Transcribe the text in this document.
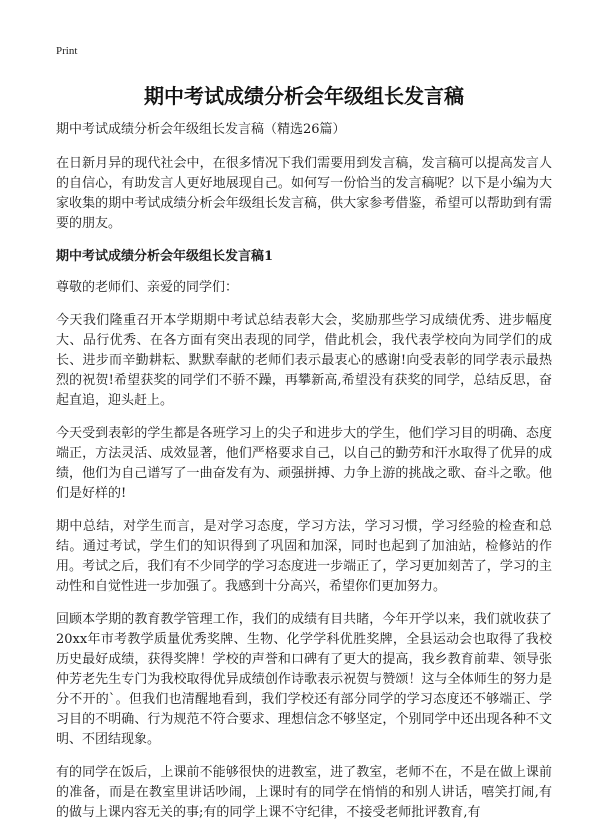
Print
期中考试成绩分析会年级组长发言稿
期中考试成绩分析会年级组长发言稿（精选26篇）

在日新月异的现代社会中，在很多情况下我们需要用到发言稿，发言稿可以提高发言人的自信心，有助发言人更好地展现自己。如何写一份恰当的发言稿呢？以下是小编为大家收集的期中考试成绩分析会年级组长发言稿，供大家参考借鉴，希望可以帮助到有需要的朋友。

期中考试成绩分析会年级组长发言稿1

尊敬的老师们、亲爱的同学们：

今天我们隆重召开本学期期中考试总结表彰大会，奖励那些学习成绩优秀、进步幅度大、品行优秀、在各方面有突出表现的同学，借此机会，我代表学校向为同学们的成长、进步而辛勤耕耘、默默奉献的老师们表示最衷心的感谢!向受表彰的同学表示最热烈的祝贺!希望获奖的同学们不骄不躁，再攀新高,希望没有获奖的同学，总结反思，奋起直追，迎头赶上。

今天受到表彰的学生都是各班学习上的尖子和进步大的学生，他们学习目的明确、态度端正，方法灵活、成效显著，他们严格要求自己，以自己的勤劳和汗水取得了优异的成绩，他们为自己谱写了一曲奋发有为、顽强拼搏、力争上游的挑战之歌、奋斗之歌。他们是好样的!

期中总结，对学生而言，是对学习态度，学习方法，学习习惯，学习经验的检查和总结。通过考试，学生们的知识得到了巩固和加深，同时也起到了加油站，检修站的作用。考试之后，我们有不少同学的学习态度进一步端正了，学习更加刻苦了，学习的主动性和自觉性进一步加强了。我感到十分高兴，希望你们更加努力。

回顾本学期的教育教学管理工作，我们的成绩有目共睹，今年开学以来，我们就收获了20xx年市考教学质量优秀奖牌、生物、化学学科优胜奖牌，全县运动会也取得了我校历史最好成绩，获得奖牌！学校的声誉和口碑有了更大的提高，我乡教育前辈、领导张仲芳老先生专门为我校取得优异成绩创作诗歌表示祝贺与赞颂！这与全体师生的努力是分不开的`。但我们也清醒地看到，我们学校还有部分同学的学习态度还不够端正、学习目的不明确、行为规范不符合要求、理想信念不够坚定，个别同学中还出现各种不文明、不团结现象。

有的同学在饭后，上课前不能够很快的进教室，进了教室，老师不在，不是在做上课前的准备，而是在教室里讲话吵闹，上课时有的同学在悄悄的和别人讲话，嘻笑打闹,有的做与上课内容无关的事;有的同学上课不守纪律，不接受老师批评教育,有
